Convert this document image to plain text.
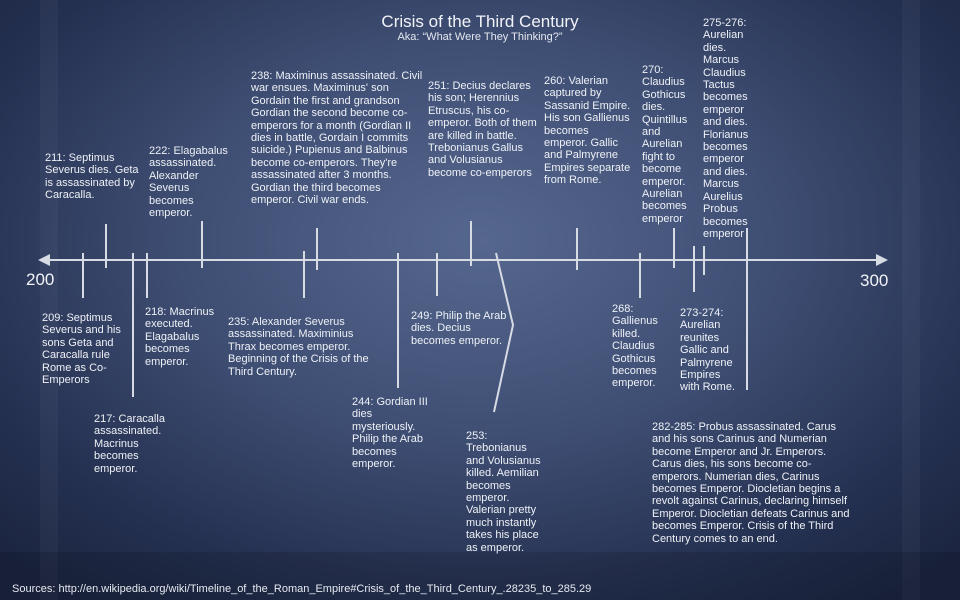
Crisis of the Third Century
Aka: “What Were They Thinking?”
200	300
209: Septimus Severus and his sons Geta and Caracalla rule Rome as Co-Emperors
211: Septimus Severus dies. Geta is assassinated by Caracalla.
217: Caracalla assassinated. Macrinus becomes emperor.
218: Macrinus executed. Elagabalus becomes emperor.
222: Elagabalus assassinated. Alexander Severus becomes emperor.
235: Alexander Severus assassinated. Maximinius Thrax becomes emperor. Beginning of the Crisis of the Third Century.
238: Maximinus assassinated. Civil war ensues. Maximinus' son Gordain the first and grandson Gordian the second become co-emperors for a month (Gordian II dies in battle, Gordain I commits suicide.) Pupienus and Balbinus become co-emperors. They're assassinated after 3 months. Gordian the third becomes emperor. Civil war ends.
244: Gordian III dies mysteriously. Philip the Arab becomes emperor.
249: Philip the Arab dies. Decius becomes emperor.
251: Decius declares his son; Herennius Etruscus, his co-emperor. Both of them are killed in battle. Trebonianus Gallus and Volusianus become co-emperors
253: Trebonianus and Volusianus killed. Aemilian becomes emperor. Valerian pretty much instantly takes his place as emperor.
260: Valerian captured by Sassanid Empire. His son Gallienus becomes emperor. Gallic and Palmyrene Empires separate from Rome.
268: Gallienus killed. Claudius Gothicus becomes emperor.
270: Claudius Gothicus dies. Quintillus and Aurelian fight to become emperor. Aurelian becomes emperor
273-274: Aurelian reunites Gallic and Palmyrene Empires with Rome.
275-276: Aurelian dies. Marcus Claudius Tactus becomes emperor and dies. Florianus becomes emperor and dies. Marcus Aurelius Probus becomes emperor
282-285: Probus assassinated. Carus and his sons Carinus and Numerian become Emperor and Jr. Emperors. Carus dies, his sons become co-emperors. Numerian dies, Carinus becomes Emperor. Diocletian begins a revolt against Carinus, declaring himself Emperor. Diocletian defeats Carinus and becomes Emperor. Crisis of the Third Century comes to an end.
Sources: http://en.wikipedia.org/wiki/Timeline_of_the_Roman_Empire#Crisis_of_the_Third_Century_.28235_to_285.29
